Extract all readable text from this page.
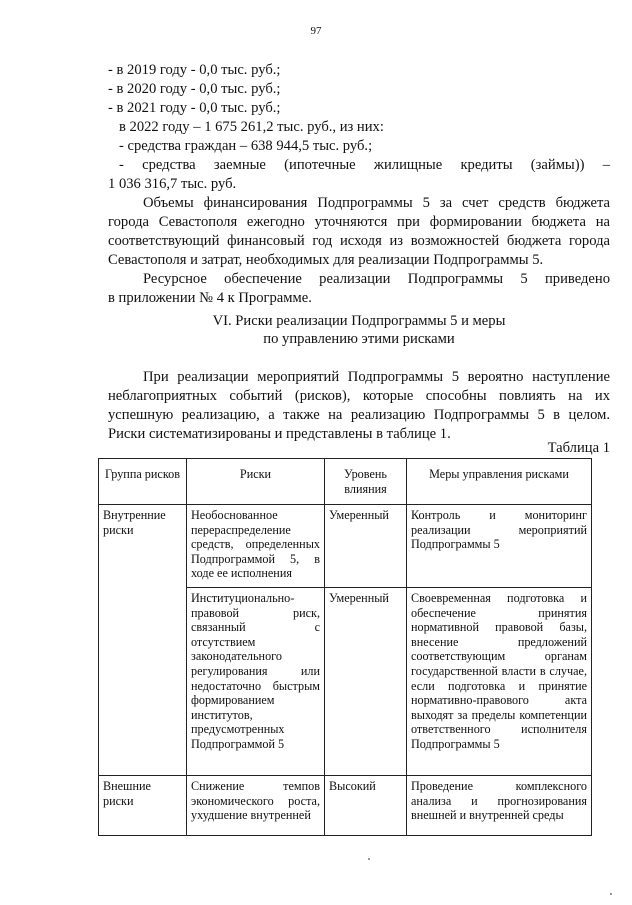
97
- в 2019 году - 0,0 тыс. руб.;
- в 2020 году - 0,0 тыс. руб.;
- в 2021 году - 0,0 тыс. руб.;
в 2022 году – 1 675 261,2 тыс. руб., из них:
- средства граждан – 638 944,5 тыс. руб.;
- средства заемные (ипотечные жилищные кредиты (займы)) –
1 036 316,7 тыс. руб.
Объемы финансирования Подпрограммы 5 за счет средств бюджета
города Севастополя ежегодно уточняются при формировании бюджета на
соответствующий финансовый год исходя из возможностей бюджета города
Севастополя и затрат, необходимых для реализации Подпрограммы 5.
Ресурсное обеспечение реализации Подпрограммы 5 приведено
в приложении № 4 к Программе.
VI. Риски реализации Подпрограммы 5 и меры
по управлению этими рисками
При реализации мероприятий Подпрограммы 5 вероятно наступление
неблагоприятных событий (рисков), которые способны повлиять на их
успешную реализацию, а также на реализацию Подпрограммы 5 в целом.
Риски систематизированы и представлены в таблице 1.
Таблица 1
Группа рисков	Риски	Уровень влияния	Меры управления рисками
Внутренние риски	Необоснованное перераспределение средств, определенных Подпрограммой 5, в ходе ее исполнения	Умеренный	Контроль и мониторинг реализации мероприятий Подпрограммы 5
	Институционально-правовой риск, связанный с отсутствием законодательного регулирования или недостаточно быстрым формированием институтов, предусмотренных Подпрограммой 5	Умеренный	Своевременная подготовка и обеспечение принятия нормативной правовой базы, внесение предложений соответствующим органам государственной власти в случае, если подготовка и принятие нормативно-правового акта выходят за пределы компетенции ответственного исполнителя Подпрограммы 5
Внешние риски	Снижение темпов экономического роста, ухудшение внутренней	Высокий	Проведение комплексного анализа и прогнозирования внешней и внутренней среды
